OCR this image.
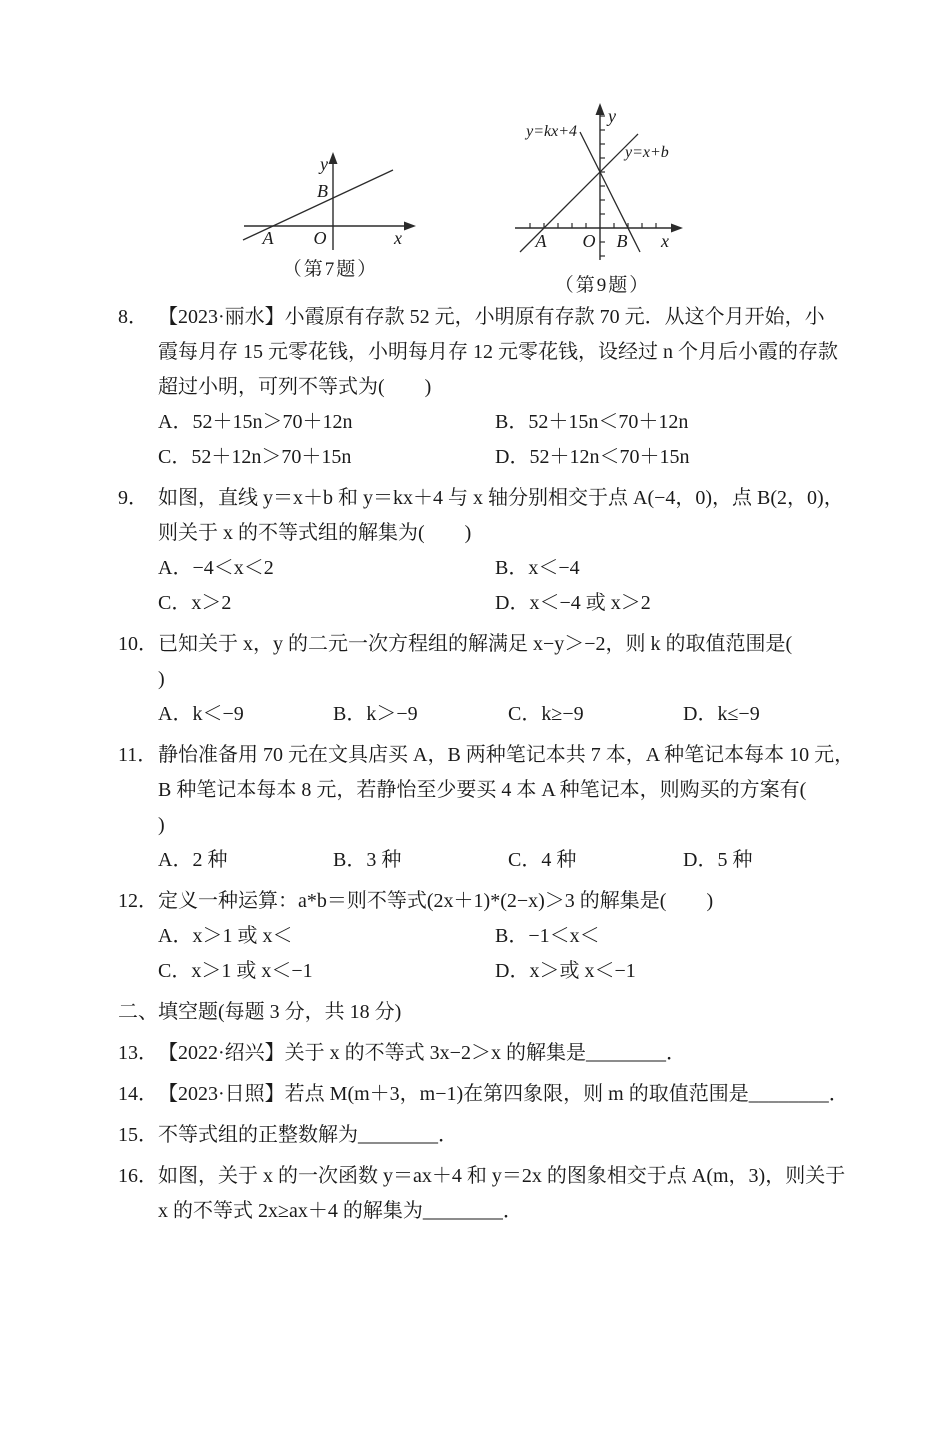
y
B
A O	x
（第7题）
y=kx+4
y=x+b
y
A O B x
（第9题）
8． 【2023·丽水】小霞原有存款 52 元，小明原有存款 70 元．从这个月开始，小
霞每月存 15 元零花钱，小明每月存 12 元零花钱，设经过 n 个月后小霞的存款
超过小明，可列不等式为(　　)
A．52＋15n＞70＋12n	B．52＋15n＜70＋12n
C．52＋12n＞70＋15n	D．52＋12n＜70＋15n
9． 如图，直线 y＝x＋b 和 y＝kx＋4 与 x 轴分别相交于点 A(−4，0)，点 B(2，0)，
则关于 x 的不等式组的解集为(　　)
A．−4＜x＜2	B．x＜−4
C．x＞2	D．x＜−4 或 x＞2
10． 已知关于 x，y 的二元一次方程组的解满足 x−y＞−2，则 k 的取值范围是(
)
A．k＜−9	B．k＞−9	C．k≥−9	D．k≤−9
11． 静怡准备用 70 元在文具店买 A，B 两种笔记本共 7 本，A 种笔记本每本 10 元，
B 种笔记本每本 8 元，若静怡至少要买 4 本 A 种笔记本，则购买的方案有(
)
A．2 种	B．3 种	C．4 种	D．5 种
12． 定义一种运算：a*b＝则不等式(2x＋1)*(2−x)＞3 的解集是(　　)
A．x＞1 或 x＜	B．−1＜x＜
C．x＞1 或 x＜−1	D．x＞或 x＜−1
二、填空题(每题 3 分，共 18 分)
13． 【2022·绍兴】关于 x 的不等式 3x−2＞x 的解集是________．
14． 【2023·日照】若点 M(m＋3，m−1)在第四象限，则 m 的取值范围是________．
15． 不等式组的正整数解为________．
16． 如图，关于 x 的一次函数 y＝ax＋4 和 y＝2x 的图象相交于点 A(m，3)，则关于
x 的不等式 2x≥ax＋4 的解集为________．
